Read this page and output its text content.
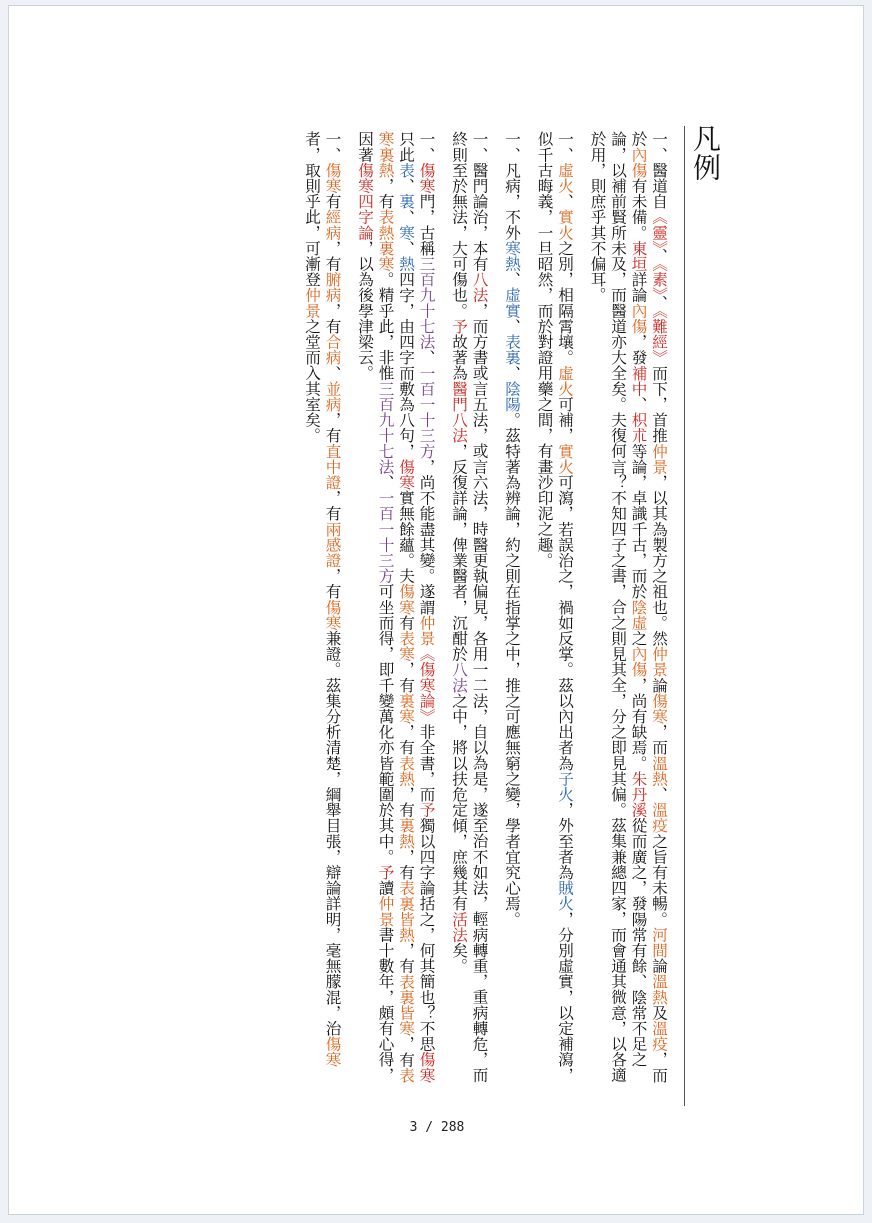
凡例

一、醫道自《靈》、《素》、《難經》而下，首推仲景，以其為製方之祖也。然仲景論傷寒，而溫熱、溫疫之旨有未暢。河間論溫熱及溫疫，而於內傷有未備。東垣詳論內傷，發補中、枳朮等論，卓識千古，而於陰虛之內傷，尚有缺焉。朱丹溪從而廣之，發陽常有餘、陰常不足之論，以補前賢所未及，而醫道亦大全矣。夫復何言？不知四子之書，合之則見其全，分之即見其偏。茲集兼總四家，而會通其微意，以各適於用，則庶乎其不偏耳。

一、虛火、實火之別，相隔霄壤。虛火可補，實火可瀉，若誤治之，禍如反掌。茲以內出者為子火，外至者為賊火，分別虛實，以定補瀉，似千古晦義，一旦昭然，而於對證用藥之間，有畫沙印泥之趣。

一、凡病，不外寒熱、虛實、表裏、陰陽。茲特著為辨論，約之則在指掌之中，推之可應無窮之變，學者宜究心焉。

一、醫門論治，本有八法，而方書或言五法，或言六法，時醫更執偏見，各用一二法，自以為是，遂至治不如法，輕病轉重，重病轉危，而終則至於無法，大可傷也。予故著為醫門八法，反復詳論，俾業醫者，沉酣於八法之中，將以扶危定傾，庶幾其有活法矣。

一、傷寒門，古稱三百九十七法、一百一十三方，尚不能盡其變。遂謂仲景《傷寒論》非全書，而予獨以四字論括之，何其簡也？不思傷寒只此表、裏、寒、熱四字，由四字而敷為八句，傷寒實無餘蘊。夫傷寒有表寒，有裏寒，有表熱，有裏熱，有表裏皆熱，有表裏皆寒，有表寒裏熱，有表熱裏寒。精乎此，非惟三百九十七法、一百一十三方可坐而得，即千變萬化亦皆範圍於其中。予讀仲景書十數年，頗有心得，因著傷寒四字論，以為後學津梁云。

一、傷寒有經病，有腑病，有合病、並病，有直中證，有兩感證，有傷寒兼證。茲集分析清楚，綱舉目張，辯論詳明，毫無朦混，治傷寒者，取則乎此，可漸登仲景之堂而入其室矣。

3 / 288
